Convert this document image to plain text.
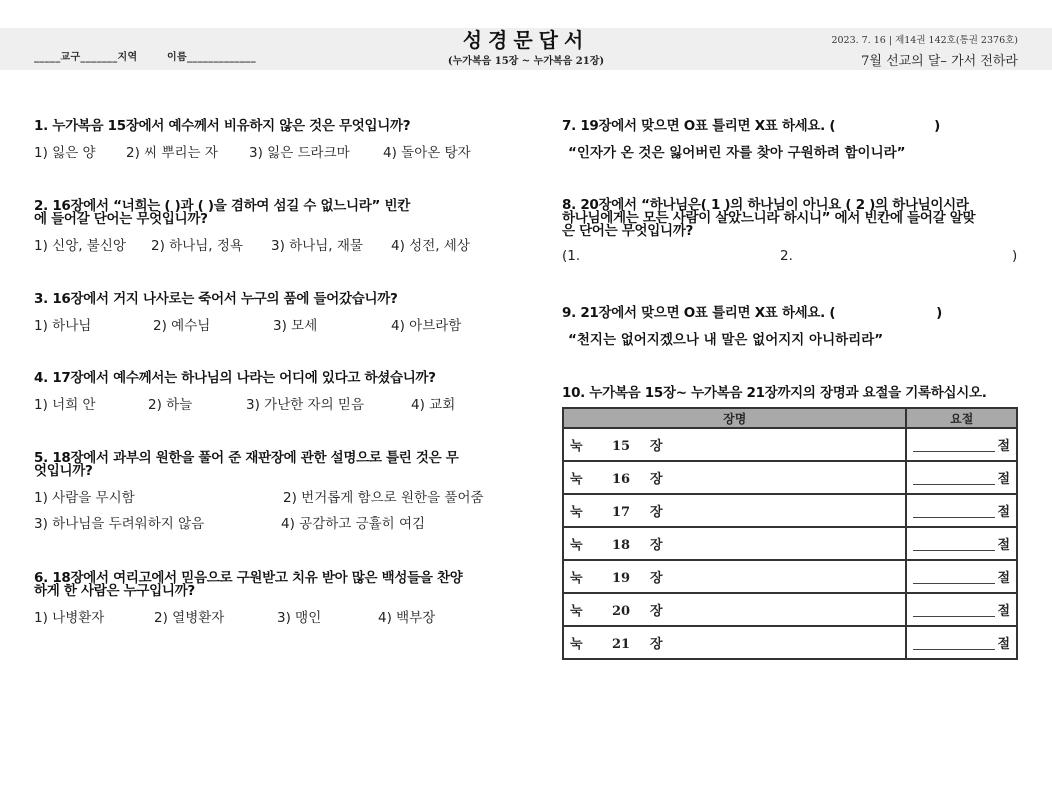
_____교구_______지역	이름_____________
성경문답서
(누가복음 15장 ~ 누가복음 21장)
2023. 7. 16 | 제14권 142호(통권 2376호)
7월 선교의 달– 가서 전하라
1. 누가복음 15장에서 예수께서 비유하지 않은 것은 무엇입니까?
1) 잃은 양 2) 씨 뿌리는 자 3) 잃은 드라크마 4) 돌아온 탕자
2. 16장에서 “너희는 ( )과 ( )을 겸하여 섬길 수 없느니라” 빈칸
에 들어갈 단어는 무엇입니까?
1) 신앙, 불신앙 2) 하나님, 정욕 3) 하나님, 재물 4) 성전, 세상
3. 16장에서 거지 나사로는 죽어서 누구의 품에 들어갔습니까?
1) 하나님	2) 예수님	3) 모세	4) 아브라함
4. 17장에서 예수께서는 하나님의 나라는 어디에 있다고 하셨습니까?
1) 너희 안	2) 하늘	3) 가난한 자의 믿음	4) 교회
5. 18장에서 과부의 원한을 풀어 준 재판장에 관한 설명으로 틀린 것은 무
엇입니까?
1) 사람을 무시함	2) 번거롭게 함으로 원한을 풀어줌
3) 하나님을 두려워하지 않음	4) 공감하고 긍휼히 여김
6. 18장에서 여리고에서 믿음으로 구원받고 치유 받아 많은 백성들을 찬양
하게 한 사람은 누구입니까?
1) 나병환자	2) 열병환자	3) 맹인	4) 백부장
7. 19장에서 맞으면 O표 틀리면 X표 하세요. (	)
“인자가 온 것은 잃어버린 자를 찾아 구원하려 함이니라”
8. 20장에서 “하나님은( 1 )의 하나님이 아니요 ( 2 )의 하나님이시라
하나님에게는 모든 사람이 살았느니라 하시니” 에서 빈칸에 들어갈 알맞
은 단어는 무엇입니까?
(1.	2.	)
9. 21장에서 맞으면 O표 틀리면 X표 하세요. (	)
“천지는 없어지겠으나 내 말은 없어지지 아니하리라”
10. 누가복음 15장~ 누가복음 21장까지의 장명과 요절을 기록하십시오.
장명	요절
눅 15 장	절
눅 16 장	절
눅 17 장	절
눅 18 장	절
눅 19 장	절
눅 20 장	절
눅 21 장	절
